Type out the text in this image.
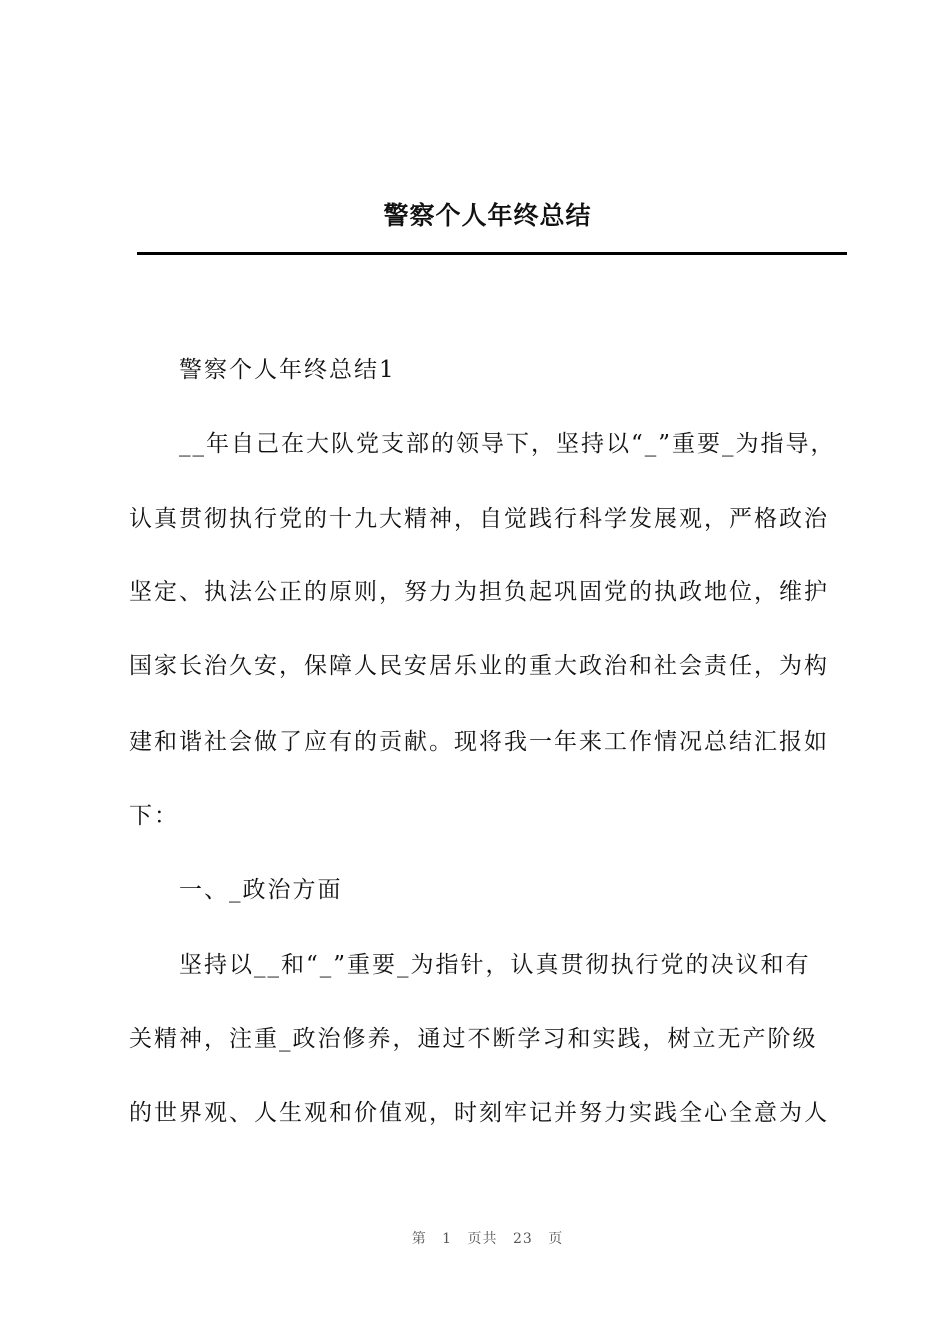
警察个人年终总结
警察个人年终总结1
__年自己在大队党支部的领导下，坚持以“_”重要_为指导，
认真贯彻执行党的十九大精神，自觉践行科学发展观，严格政治
坚定、执法公正的原则，努力为担负起巩固党的执政地位，维护
国家长治久安，保障人民安居乐业的重大政治和社会责任，为构
建和谐社会做了应有的贡献。现将我一年来工作情况总结汇报如
下：
一、_政治方面
坚持以__和“_”重要_为指针，认真贯彻执行党的决议和有
关精神，注重_政治修养，通过不断学习和实践，树立无产阶级
的世界观、人生观和价值观，时刻牢记并努力实践全心全意为人
第 1 页共 23 页
